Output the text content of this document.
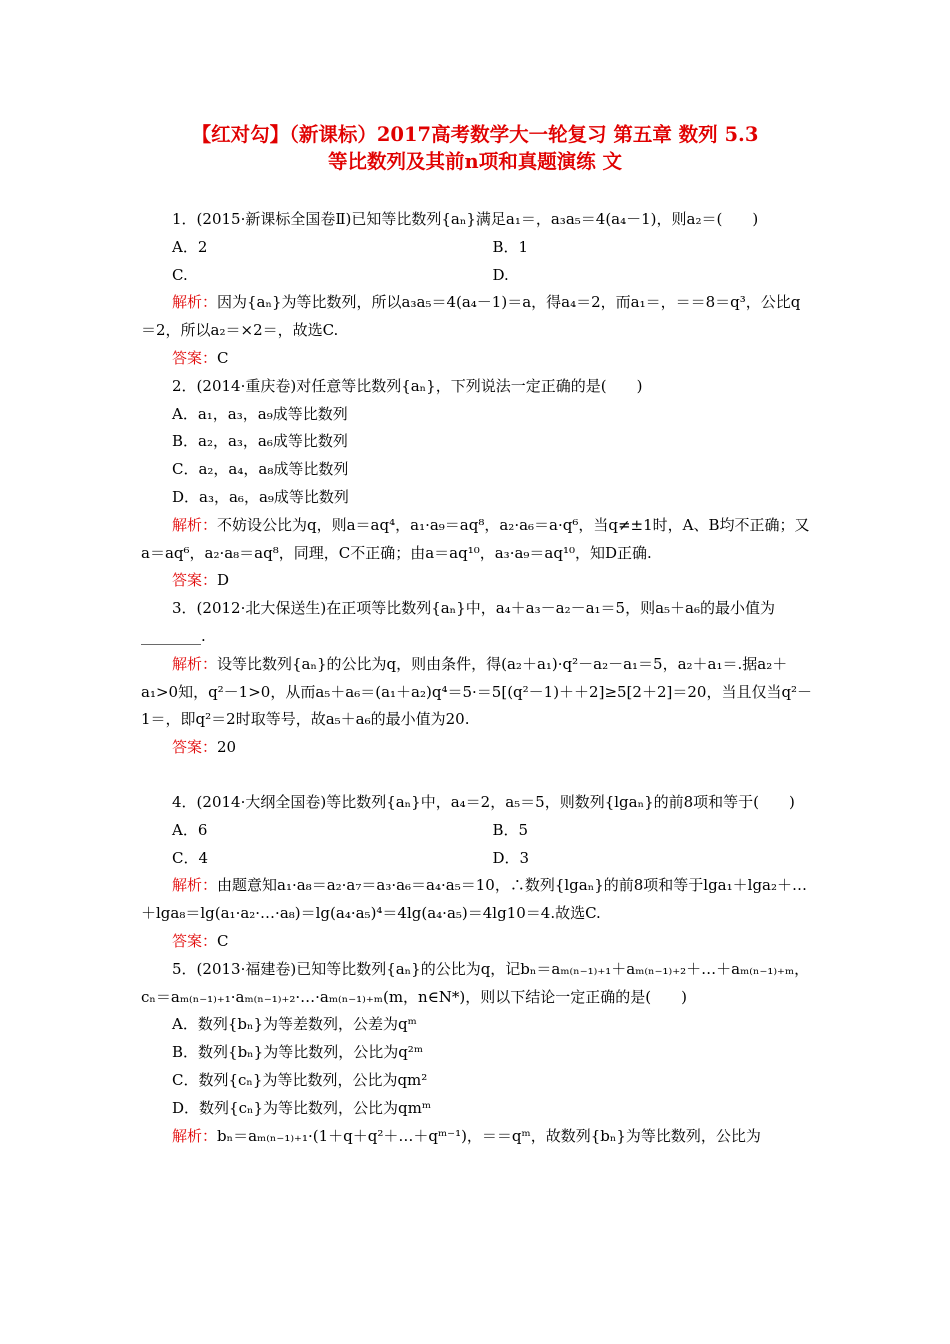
【红对勾】（新课标）2017高考数学大一轮复习 第五章 数列 5.3
等比数列及其前n项和真题演练 文

1．(2015·新课标全国卷Ⅱ)已知等比数列{aₙ}满足a₁＝，a₃a₅＝4(a₄－1)，则a₂＝(　　)

A．2	B．1
C.	D.

解析：因为{aₙ}为等比数列，所以a₃a₅＝4(a₄－1)＝a，得a₄＝2，而a₁＝，＝＝8＝q³，公比q＝2，所以a₂＝×2＝，故选C.

答案：C

2．(2014·重庆卷)对任意等比数列{aₙ}，下列说法一定正确的是(　　)

A．a₁，a₃，a₉成等比数列
B．a₂，a₃，a₆成等比数列
C．a₂，a₄，a₈成等比数列
D．a₃，a₆，a₉成等比数列

解析：不妨设公比为q，则a＝aq⁴，a₁·a₉＝aq⁸，a₂·a₆＝a·q⁶，当q≠±1时，A、B均不正确；又a＝aq⁶，a₂·a₈＝aq⁸，同理，C不正确；由a＝aq¹⁰，a₃·a₉＝aq¹⁰，知D正确.

答案：D

3．(2012·北大保送生)在正项等比数列{aₙ}中，a₄＋a₃－a₂－a₁＝5，则a₅＋a₆的最小值为________.

解析：设等比数列{aₙ}的公比为q，则由条件，得(a₂＋a₁)·q²－a₂－a₁＝5，a₂＋a₁＝.据a₂＋a₁>0知，q²－1>0，从而a₅＋a₆＝(a₁＋a₂)q⁴＝5·＝5[(q²－1)＋＋2]≥5[2＋2]＝20，当且仅当q²－1＝，即q²＝2时取等号，故a₅＋a₆的最小值为20.

答案：20

4．(2014·大纲全国卷)等比数列{aₙ}中，a₄＝2，a₅＝5，则数列{lgaₙ}的前8项和等于(　　)

A．6	B．5
C．4	D．3

解析：由题意知a₁·a₈＝a₂·a₇＝a₃·a₆＝a₄·a₅＝10，∴数列{lgaₙ}的前8项和等于lga₁＋lga₂＋…＋lga₈＝lg(a₁·a₂·…·a₈)＝lg(a₄·a₅)⁴＝4lg(a₄·a₅)＝4lg10＝4.故选C.

答案：C

5．(2013·福建卷)已知等比数列{aₙ}的公比为q，记bₙ＝aₘ₍ₙ₋₁₎₊₁＋aₘ₍ₙ₋₁₎₊₂＋…＋aₘ₍ₙ₋₁₎₊ₘ，cₙ＝aₘ₍ₙ₋₁₎₊₁·aₘ₍ₙ₋₁₎₊₂·…·aₘ₍ₙ₋₁₎₊ₘ(m，n∈N*)，则以下结论一定正确的是(　　)

A．数列{bₙ}为等差数列，公差为qᵐ
B．数列{bₙ}为等比数列，公比为q²ᵐ
C．数列{cₙ}为等比数列，公比为qm²
D．数列{cₙ}为等比数列，公比为qmᵐ

解析：bₙ＝aₘ₍ₙ₋₁₎₊₁·(1＋q＋q²＋…＋qᵐ⁻¹)，＝＝qᵐ，故数列{bₙ}为等比数列，公比为
